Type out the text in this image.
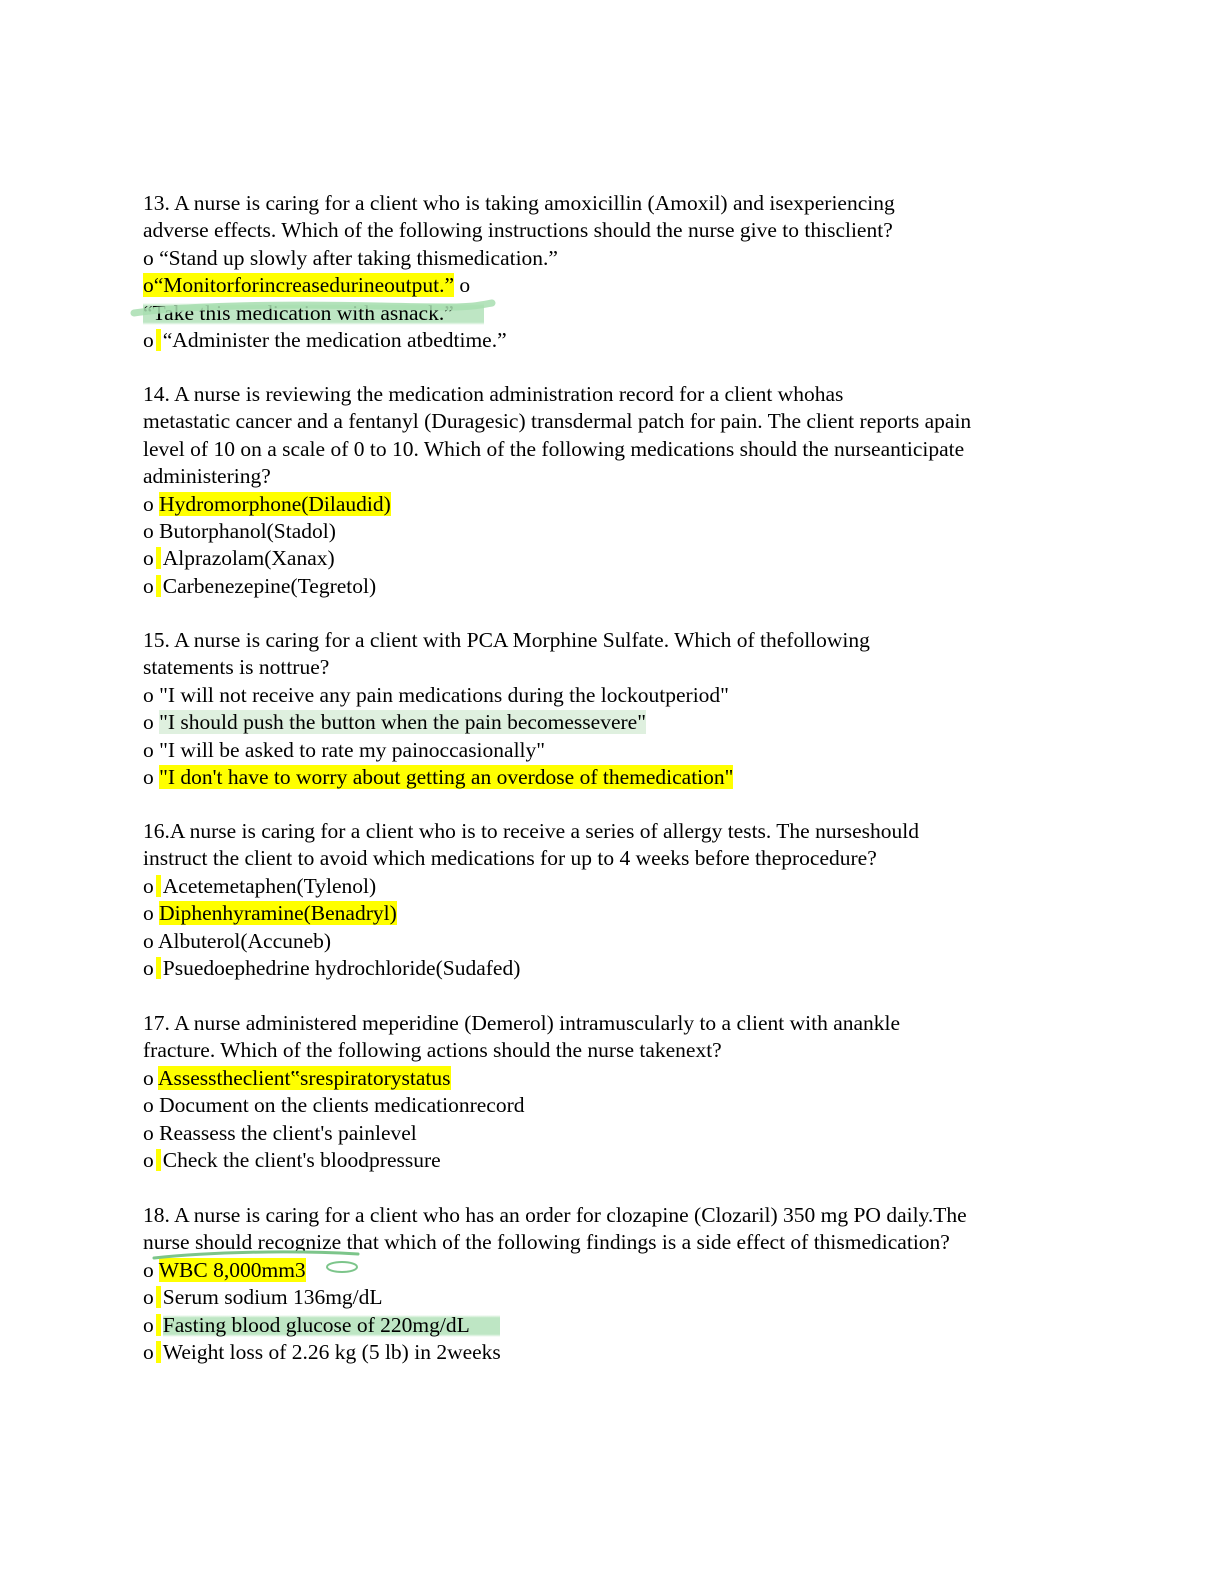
13. A nurse is caring for a client who is taking amoxicillin (Amoxil) and isexperiencing
adverse effects. Which of the following instructions should the nurse give to thisclient?
o “Stand up slowly after taking thismedication.”
o“Monitorforincreasedurineoutput.” o
“Take this medication with asnack.”
o “Administer the medication atbedtime.”
14. A nurse is reviewing the medication administration record for a client whohas
metastatic cancer and a fentanyl (Duragesic) transdermal patch for pain. The client reports apain
level of 10 on a scale of 0 to 10. Which of the following medications should the nurseanticipate
administering?
o Hydromorphone(Dilaudid)
o Butorphanol(Stadol)
o Alprazolam(Xanax)
o Carbenezepine(Tegretol)
15. A nurse is caring for a client with PCA Morphine Sulfate. Which of thefollowing
statements is nottrue?
o "I will not receive any pain medications during the lockoutperiod"
o "I should push the button when the pain becomessevere"
o "I will be asked to rate my painoccasionally"
o "I don't have to worry about getting an overdose of themedication"
16.A nurse is caring for a client who is to receive a series of allergy tests. The nurseshould
instruct the client to avoid which medications for up to 4 weeks before theprocedure?
o Acetemetaphen(Tylenol)
o Diphenhyramine(Benadryl)
o Albuterol(Accuneb)
o Psuedoephedrine hydrochloride(Sudafed)
17. A nurse administered meperidine (Demerol) intramuscularly to a client with anankle
fracture. Which of the following actions should the nurse takenext?
o Assesstheclient‟srespiratorystatus
o Document on the clients medicationrecord
o Reassess the client's painlevel
o Check the client's bloodpressure
18. A nurse is caring for a client who has an order for clozapine (Clozaril) 350 mg PO daily.The
nurse should recognize that which of the following findings is a side effect of thismedication?
o WBC 8,000mm3
o Serum sodium 136mg/dL
o Fasting blood glucose of 220mg/dL
o Weight loss of 2.26 kg (5 lb) in 2weeks
